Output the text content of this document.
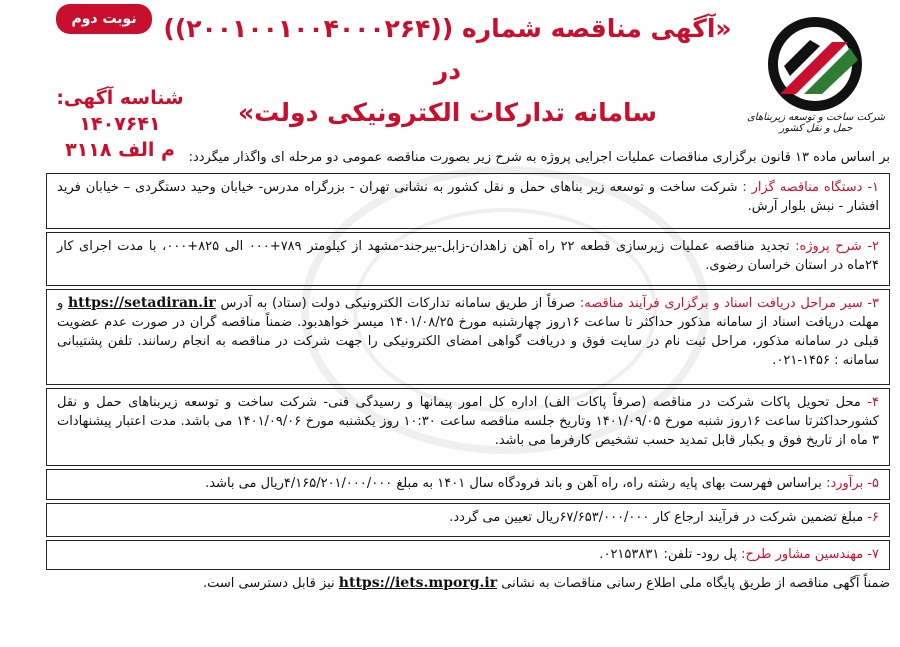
نوبت دوم	«آگهی مناقصه شماره ((۲۰۰۱۰۰۱۰۰۴۰۰۰۲۶۴)) در
سامانه تدارکات الکترونیکی دولت»	شرکت ساخت و توسعه زیربناهای حمل و نقل کشور
شناسه آگهی: ۱۴۰۷۶۴۱
م الف ۳۱۱۸	بر اساس ماده ۱۳ قانون برگزاری مناقصات عملیات اجرایی پروژه به شرح زیر بصورت مناقصه عمومی دو مرحله ای واگذار میگردد:
۱- دستگاه مناقصه گزار : شرکت ساخت و توسعه زیر بناهای حمل و نقل کشور به نشانی تهران - بزرگراه مدرس- خیابان وحید دستگردی – خیابان فرید افشار - نبش بلوار آرش.
۲- شرح پروژه: تجدید مناقصه عملیات زیرسازی قطعه ۲۲ راه آهن زاهدان-زابل-بیرجند-مشهد از کیلومتر ۷۸۹+۰۰۰ الی ۸۲۵+۰۰۰، با مدت اجرای کار ۲۴ماه در استان خراسان رضوی.
۳- سیر مراحل دریافت اسناد و برگزاری فرآیند مناقصه: صرفاً از طریق سامانه تدارکات الکترونیکی دولت (ستاد) به آدرس https://setadiran.ir و مهلت دریافت اسناد از سامانه مذکور حداکثر تا ساعت ۱۶روز چهارشنبه مورخ ۱۴۰۱/۰۸/۲۵ میسر خواهدبود. ضمناً مناقصه گران در صورت عدم عضویت قبلی در سامانه مذکور، مراحل ثبت نام در سایت فوق و دریافت گواهی امضای الکترونیکی را جهت شرکت در مناقصه به انجام رسانند. تلفن پشتیبانی سامانه : ۱۴۵۶-۰۲۱.
۴- محل تحویل پاکات شرکت در مناقصه (صرفاً پاکات الف) اداره کل امور پیمانها و رسیدگی فنی- شرکت ساخت و توسعه زیربناهای حمل و نقل کشورحداکثرتا ساعت ۱۶روز شنبه مورخ ۱۴۰۱/۰۹/۰۵ وتاریخ جلسه مناقصه ساعت ۱۰:۳۰ روز یکشنبه مورخ ۱۴۰۱/۰۹/۰۶ می باشد. مدت اعتبار پیشنهادات ۳ ماه از تاریخ فوق و بکبار قابل تمدید حسب تشخیص کارفرما می باشد.
۵- برآورد: براساس فهرست بهای پایه رشته راه، راه آهن و باند فرودگاه سال ۱۴۰۱ به مبلغ ۴/۱۶۵/۲۰۱/۰۰۰/۰۰۰ریال می باشد.
۶- مبلغ تضمین شرکت در فرآیند ارجاع کار ۶۷/۶۵۳/۰۰۰/۰۰۰ریال تعیین می گردد.
۷- مهندسین مشاور طرح: پل رود- تلفن: ۰۲۱۵۳۸۳۱.
ضمناً آگهی مناقصه از طریق پایگاه ملی اطلاع رسانی مناقصات به نشانی https://iets.mporg.ir نیز قابل دسترسی است.
